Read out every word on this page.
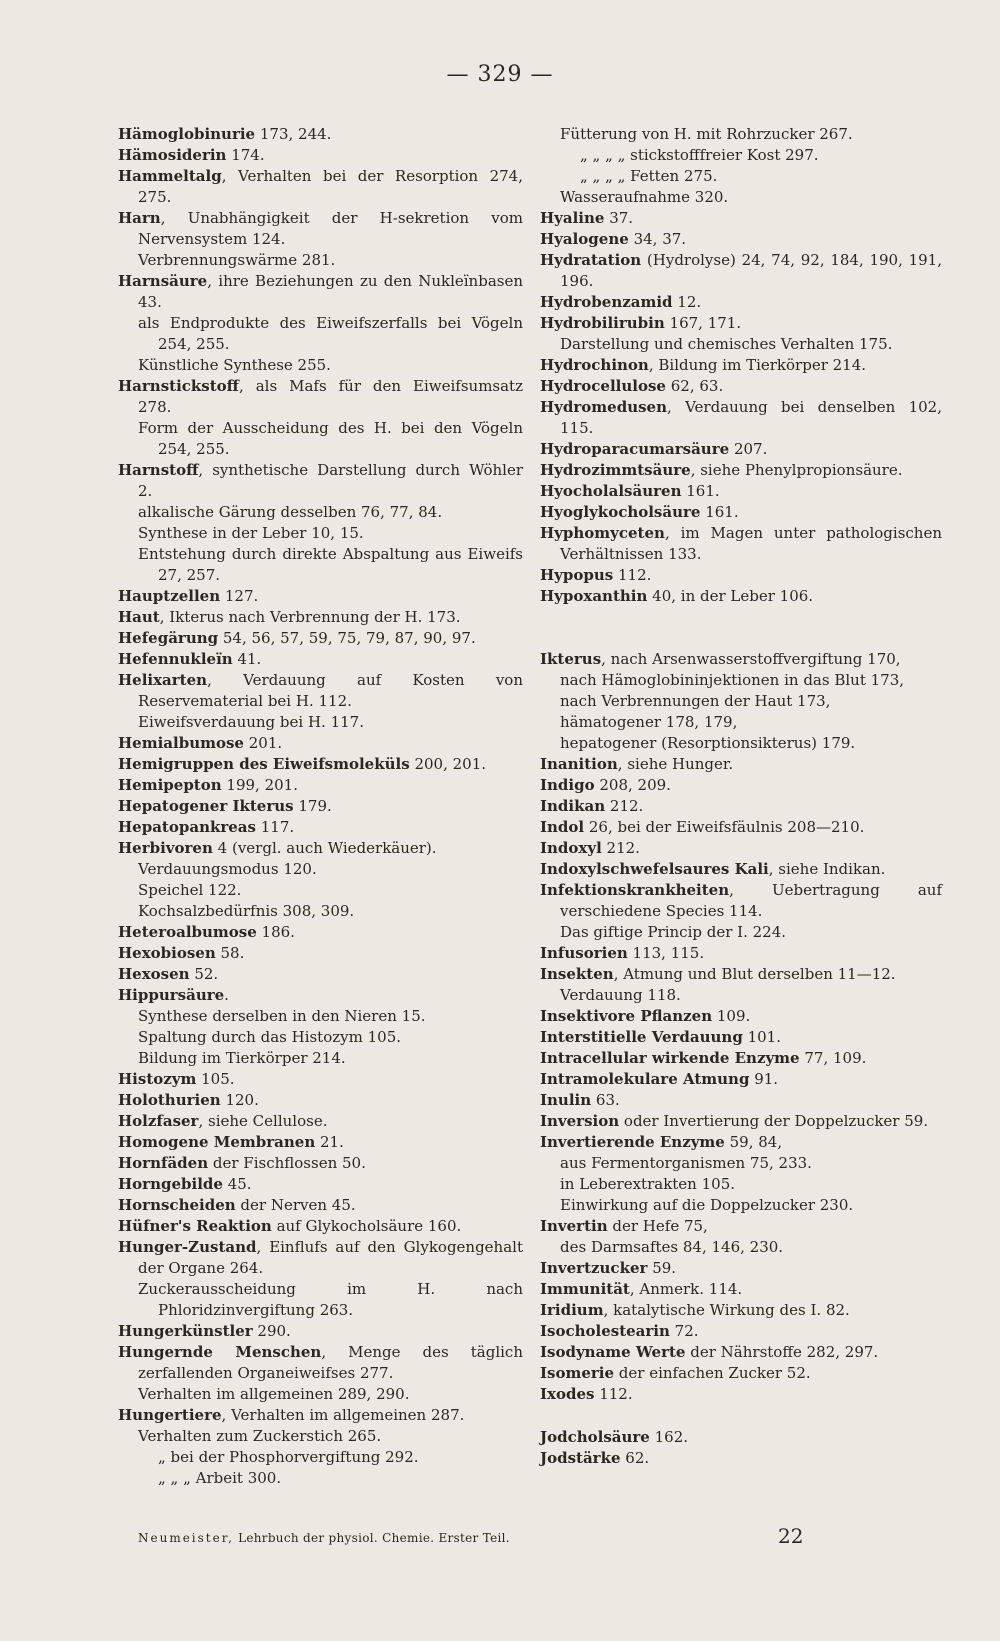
— 329 —
Hämoglobinurie 173, 244.
Hämosiderin 174.
Hammeltalg, Verhalten bei der Resorption 274, 275.
Harn, Unabhängigkeit der H-sekretion vom Nervensystem 124.
Verbrennungswärme 281.
Harnsäure, ihre Beziehungen zu den Nukleïnbasen 43.
als Endprodukte des Eiweifszerfalls bei Vögeln 254, 255.
Künstliche Synthese 255.
Harnstickstoff, als Mafs für den Eiweifsumsatz 278.
Form der Ausscheidung des H. bei den Vögeln 254, 255.
Harnstoff, synthetische Darstellung durch Wöhler 2.
alkalische Gärung desselben 76, 77, 84.
Synthese in der Leber 10, 15.
Entstehung durch direkte Abspaltung aus Eiweifs 27, 257.
Hauptzellen 127.
Haut, Ikterus nach Verbrennung der H. 173.
Hefegärung 54, 56, 57, 59, 75, 79, 87, 90, 97.
Hefennukleïn 41.
Helixarten, Verdauung auf Kosten von Reservematerial bei H. 112.
Eiweifsverdauung bei H. 117.
Hemialbumose 201.
Hemigruppen des Eiweifsmoleküls 200, 201.
Hemipepton 199, 201.
Hepatogener Ikterus 179.
Hepatopankreas 117.
Herbivoren 4 (vergl. auch Wiederkäuer).
Verdauungsmodus 120.
Speichel 122.
Kochsalzbedürfnis 308, 309.
Heteroalbumose 186.
Hexobiosen 58.
Hexosen 52.
Hippursäure.
Synthese derselben in den Nieren 15.
Spaltung durch das Histozym 105.
Bildung im Tierkörper 214.
Histozym 105.
Holothurien 120.
Holzfaser, siehe Cellulose.
Homogene Membranen 21.
Hornfäden der Fischflossen 50.
Horngebilde 45.
Hornscheiden der Nerven 45.
Hüfner's Reaktion auf Glykocholsäure 160.
Hunger-Zustand, Einflufs auf den Glykogengehalt der Organe 264.
Zuckerausscheidung im H. nach Phloridzinvergiftung 263.
Hungerkünstler 290.
Hungernde Menschen, Menge des täglich zerfallenden Organeiweifses 277.
Verhalten im allgemeinen 289, 290.
Hungertiere, Verhalten im allgemeinen 287.
Verhalten zum Zuckerstich 265.
„ bei der Phosphorvergiftung 292.
„ „ „ Arbeit 300.
Fütterung von H. mit Rohrzucker 267.
„ „ „ „ stickstofffreier Kost 297.
„ „ „ „ Fetten 275.
Wasseraufnahme 320.
Hyaline 37.
Hyalogene 34, 37.
Hydratation (Hydrolyse) 24, 74, 92, 184, 190, 191, 196.
Hydrobenzamid 12.
Hydrobilirubin 167, 171.
Darstellung und chemisches Verhalten 175.
Hydrochinon, Bildung im Tierkörper 214.
Hydrocellulose 62, 63.
Hydromedusen, Verdauung bei denselben 102, 115.
Hydroparacumarsäure 207.
Hydrozimmtsäure, siehe Phenylpropionsäure.
Hyocholalsäuren 161.
Hyoglykocholsäure 161.
Hyphomyceten, im Magen unter pathologischen Verhältnissen 133.
Hypopus 112.
Hypoxanthin 40, in der Leber 106.
Ikterus, nach Arsenwasserstoffvergiftung 170,
nach Hämoglobininjektionen in das Blut 173,
nach Verbrennungen der Haut 173,
hämatogener 178, 179,
hepatogener (Resorptionsikterus) 179.
Inanition, siehe Hunger.
Indigo 208, 209.
Indikan 212.
Indol 26, bei der Eiweifsfäulnis 208—210.
Indoxyl 212.
Indoxylschwefelsaures Kali, siehe Indikan.
Infektionskrankheiten, Uebertragung auf verschiedene Species 114.
Das giftige Princip der I. 224.
Infusorien 113, 115.
Insekten, Atmung und Blut derselben 11—12.
Verdauung 118.
Insektivore Pflanzen 109.
Interstitielle Verdauung 101.
Intracellular wirkende Enzyme 77, 109.
Intramolekulare Atmung 91.
Inulin 63.
Inversion oder Invertierung der Doppelzucker 59.
Invertierende Enzyme 59, 84,
aus Fermentorganismen 75, 233.
in Leberextrakten 105.
Einwirkung auf die Doppelzucker 230.
Invertin der Hefe 75,
des Darmsaftes 84, 146, 230.
Invertzucker 59.
Immunität, Anmerk. 114.
Iridium, katalytische Wirkung des I. 82.
Isocholestearin 72.
Isodyname Werte der Nährstoffe 282, 297.
Isomerie der einfachen Zucker 52.
Ixodes 112.
Jodcholsäure 162.
Jodstärke 62.
Neumeister, Lehrbuch der physiol. Chemie. Erster Teil.	22
